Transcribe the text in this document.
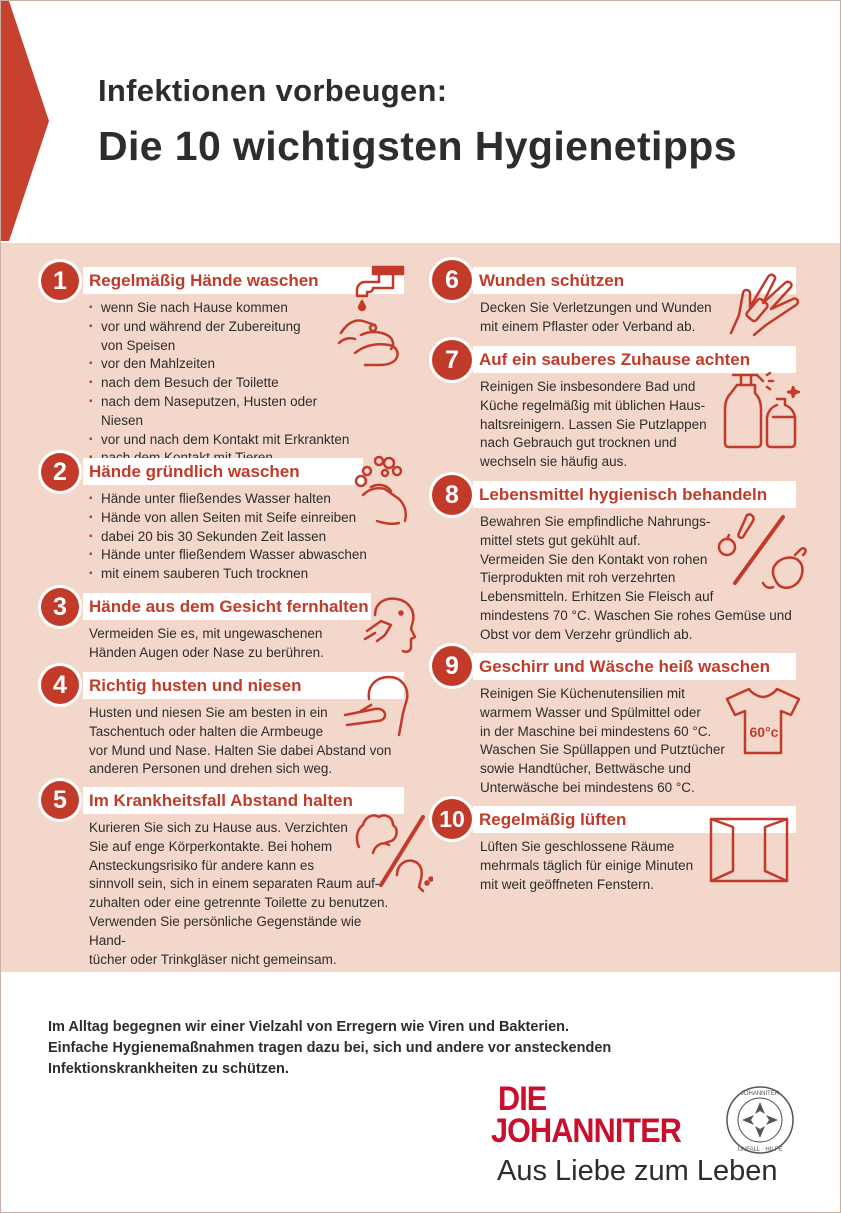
Infektionen vorbeugen:
Die 10 wichtigsten Hygienetipps
1	Regelmäßig Hände waschen
▪ wenn Sie nach Hause kommen
▪ vor und während der Zubereitung
von Speisen
▪ vor den Mahlzeiten
▪ nach dem Besuch der Toilette
▪ nach dem Naseputzen, Husten oder Niesen
▪ vor und nach dem Kontakt mit Erkrankten
▪
2	Hände gründlich waschen
▪ Hände unter fließendes Wasser halten
▪ Hände von allen Seiten mit Seife einreiben
▪ dabei 20 bis 30 Sekunden Zeit lassen
▪ Hände unter fließendem Wasser abwaschen
▪ mit einem sauberen Tuch trocknen
3	Hände aus dem Gesicht fernhalten
Vermeiden Sie es, mit ungewaschenen
Händen Augen oder Nase zu berühren.
4	Richtig husten und niesen
Husten und niesen Sie am besten in ein
Taschentuch oder halten die Armbeuge
vor Mund und Nase. Halten Sie dabei Abstand von
anderen Personen und drehen sich weg.
5	Im Krankheitsfall Abstand halten
Kurieren Sie sich zu Hause aus. Verzichten
Sie auf enge Körperkontakte. Bei hohem
Ansteckungsrisiko für andere kann es
sinnvoll sein, sich in einem separaten Raum auf-
zuhalten oder eine getrennte Toilette zu benutzen.
Verwenden Sie persönliche Gegenstände wie Hand-
tücher oder Trinkgläser nicht gemeinsam.
6	Wunden schützen
Decken Sie Verletzungen und Wunden
mit einem Pflaster oder Verband ab.
7	Auf ein sauberes Zuhause achten
Reinigen Sie insbesondere Bad und
Küche regelmäßig mit üblichen Haus-
haltsreinigern. Lassen Sie Putzlappen
nach Gebrauch gut trocknen und
wechseln sie häufig aus.
8	Lebensmittel hygienisch behandeln
Bewahren Sie empfindliche Nahrungs-
mittel stets gut gekühlt auf.
Vermeiden Sie den Kontakt von rohen
Tierprodukten mit roh verzehrten
Lebensmitteln. Erhitzen Sie Fleisch auf
mindestens 70 °C. Waschen Sie rohes Gemüse und
Obst vor dem Verzehr gründlich ab.
9	Geschirr und Wäsche heiß waschen
Reinigen Sie Küchenutensilien mit
warmem Wasser und Spülmittel oder
in der Maschine bei mindestens 60 °C.
Waschen Sie Spüllappen und Putztücher
sowie Handtücher, Bettwäsche und
Unterwäsche bei mindestens 60 °C.
60°c
10 Regelmäßig lüften
Lüften Sie geschlossene Räume
mehrmals täglich für einige Minuten
mit weit geöffneten Fenstern.
Im Alltag begegnen wir einer Vielzahl von Erregern wie Viren und Bakterien.
Einfache Hygienemaßnahmen tragen dazu bei, sich und andere vor ansteckenden
Infektionskrankheiten zu schützen.
DIE
JOHANNITER
Aus Liebe zum Leben
JOHANNITER
UNFALL · HILFE
